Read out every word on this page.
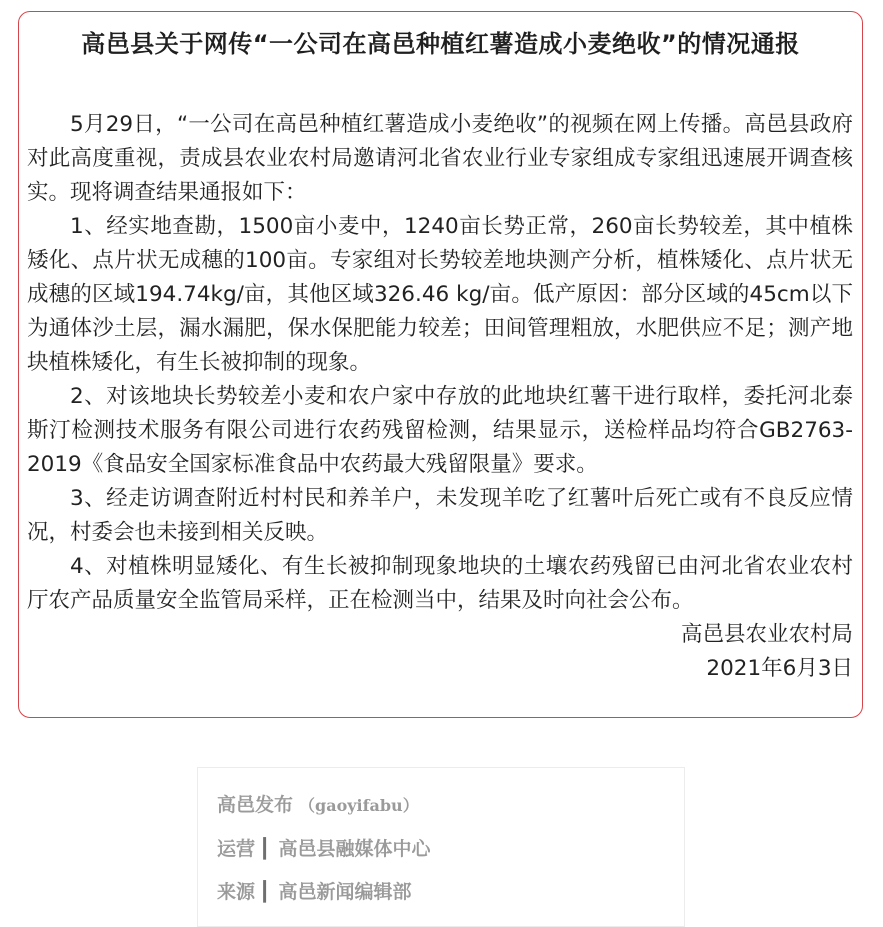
高邑县关于网传“一公司在高邑种植红薯造成小麦绝收”的情况通报

5月29日，“一公司在高邑种植红薯造成小麦绝收”的视频在网上传播。高邑县政府对此高度重视，责成县农业农村局邀请河北省农业行业专家组成专家组迅速展开调查核实。现将调查结果通报如下：

1、经实地查勘，1500亩小麦中，1240亩长势正常，260亩长势较差，其中植株矮化、点片状无成穗的100亩。专家组对长势较差地块测产分析，植株矮化、点片状无成穗的区域194.74kg/亩，其他区域326.46 kg/亩。低产原因：部分区域的45cm以下为通体沙土层，漏水漏肥，保水保肥能力较差；田间管理粗放，水肥供应不足；测产地块植株矮化，有生长被抑制的现象。

2、对该地块长势较差小麦和农户家中存放的此地块红薯干进行取样，委托河北泰斯汀检测技术服务有限公司进行农药残留检测，结果显示，送检样品均符合GB2763-2019《食品安全国家标准食品中农药最大残留限量》要求。

3、经走访调查附近村村民和养羊户，未发现羊吃了红薯叶后死亡或有不良反应情况，村委会也未接到相关反映。

4、对植株明显矮化、有生长被抑制现象地块的土壤农药残留已由河北省农业农村厅农产品质量安全监管局采样，正在检测当中，结果及时向社会公布。

高邑县农业农村局

2021年6月3日

高邑发布 （gaoyifabu）
运营 ┃ 高邑县融媒体中心
来源 ┃ 高邑新闻编辑部
